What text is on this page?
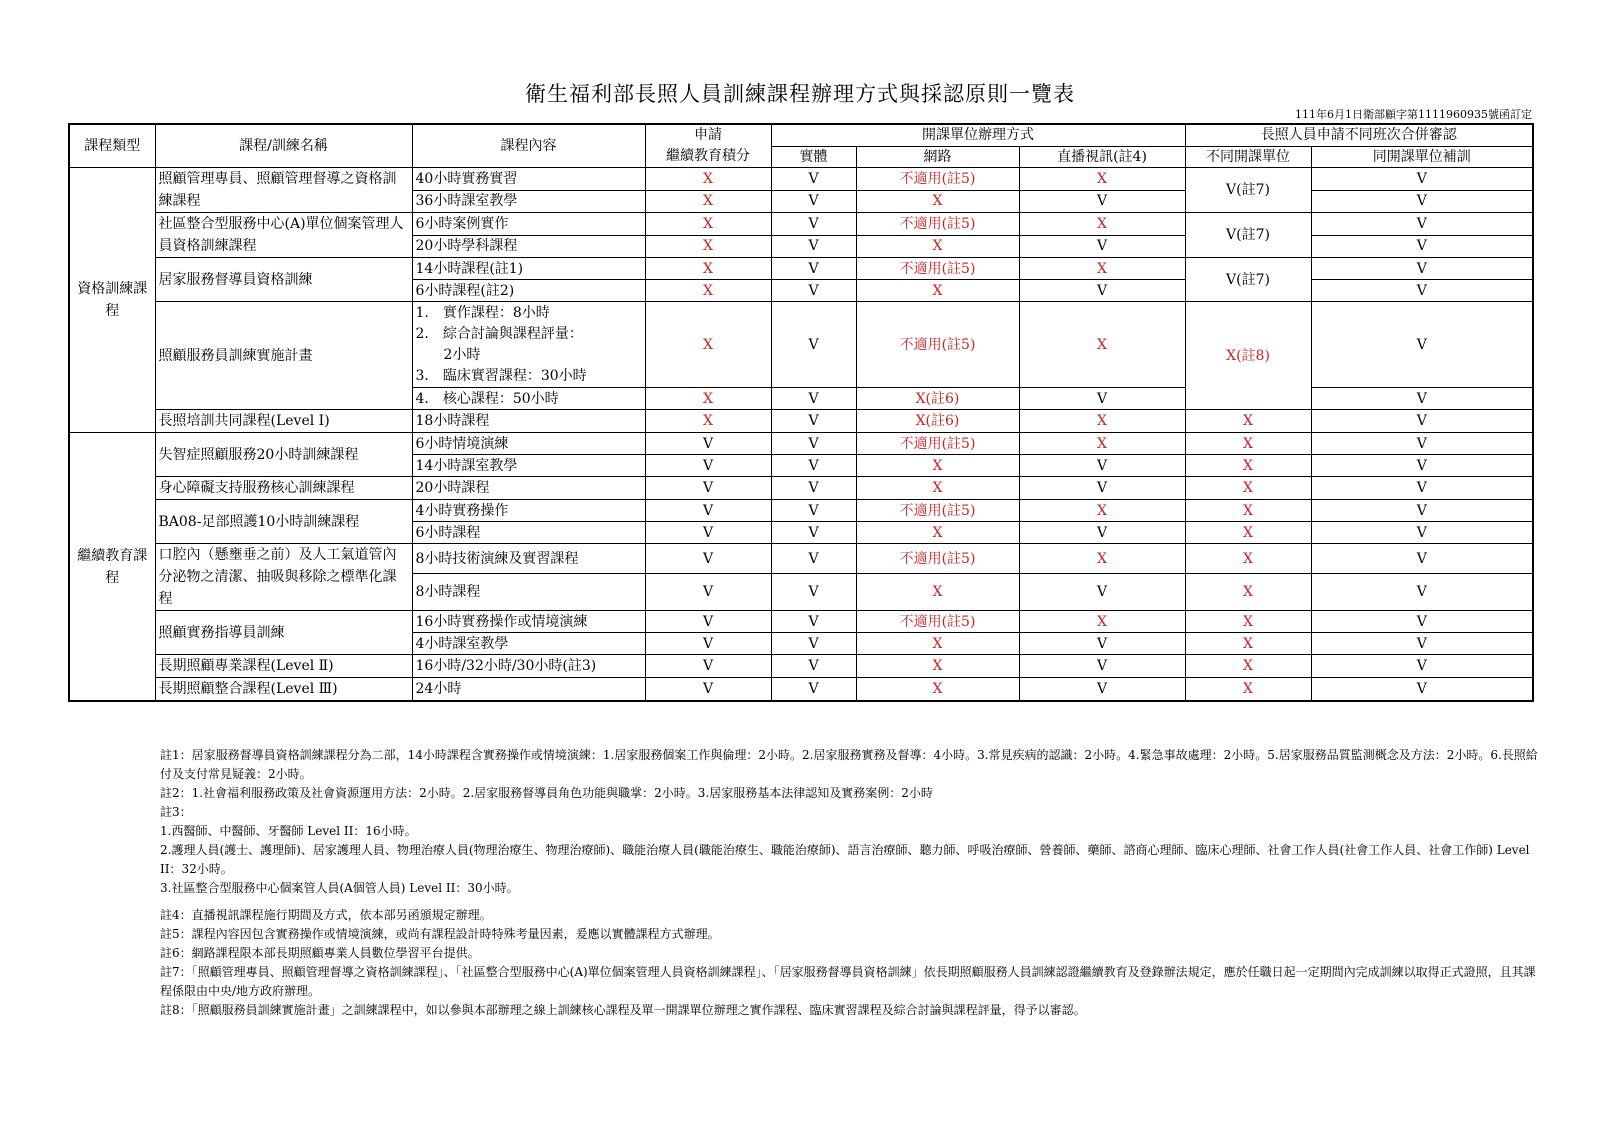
衛生福利部長照人員訓練課程辦理方式與採認原則一覽表
111年6月1日衛部顧字第1111960935號函訂定
課程類型	課程/訓練名稱	課程內容	申請
繼續教育積分	開課單位辦理方式			長照人員申請不同班次合併審認	
				實體	網路	直播視訊(註4)	不同開課單位	同開課單位補訓

資格訓練課程	照顧管理專員、照顧管理督導之資格訓練課程	40小時實務實習	X	V	不適用(註5)	X	V(註7)	V
		36小時課室教學	X	V	X	V		V
	社區整合型服務中心(A)單位個案管理人員資格訓練課程	6小時案例實作	X	V	不適用(註5)	X	V(註7)	V
		20小時學科課程	X	V	X	V		V
	居家服務督導員資格訓練	14小時課程(註1)	X	V	不適用(註5)	X	V(註7)	V
		6小時課程(註2)	X	V	X	V		V
	照顧服務員訓練實施計畫	1.　實作課程：8小時
2.　綜合討論與課程評量：
　　2小時
3.　臨床實習課程：30小時	X	V	不適用(註5)	X	X(註8)	V
		4.　核心課程：50小時	X	V	X(註6)	V		V
	長照培訓共同課程(Level Ⅰ)	18小時課程	X	V	X(註6)	X	X	V

繼續教育課程	失智症照顧服務20小時訓練課程	6小時情境演練	V	V	不適用(註5)	X	X	V
		14小時課室教學	V	V	X	V	X	V
	身心障礙支持服務核心訓練課程	20小時課程	V	V	X	V	X	V
	BA08-足部照護10小時訓練課程	4小時實務操作	V	V	不適用(註5)	X	X	V
		6小時課程	V	V	X	V	X	V
	口腔內（懸壅垂之前）及人工氣道管內分泌物之清潔、抽吸與移除之標準化課程	8小時技術演練及實習課程	V	V	不適用(註5)	X	X	V
		8小時課程	V	V	X	V	X	V
	照顧實務指導員訓練	16小時實務操作或情境演練	V	V	不適用(註5)	X	X	V
		4小時課室教學	V	V	X	V	X	V
	長期照顧專業課程(Level Ⅱ)	16小時/32小時/30小時(註3)	V	V	X	V	X	V
	長期照顧整合課程(Level Ⅲ)	24小時	V	V	X	V	X	V
註1：居家服務督導員資格訓練課程分為二部，14小時課程含實務操作或情境演練：1.居家服務個案工作與倫理：2小時。2.居家服務實務及督導：4小時。3.常見疾病的認識：2小時。4.緊急事故處理：2小時。5.居家服務品質監測概念及方法：2小時。6.長照給付及支付常見疑義：2小時。
註2：1.社會福利服務政策及社會資源運用方法：2小時。2.居家服務督導員角色功能與職掌：2小時。3.居家服務基本法律認知及實務案例：2小時
註3：
1.西醫師、中醫師、牙醫師 Level II：16小時。
2.護理人員(護士、護理師)、居家護理人員、物理治療人員(物理治療生、物理治療師)、職能治療人員(職能治療生、職能治療師)、語言治療師、聽力師、呼吸治療師、營養師、藥師、諮商心理師、臨床心理師、社會工作人員(社會工作人員、社會工作師) Level II：32小時。
3.社區整合型服務中心個案管人員(A個管人員) Level II：30小時。
註4：直播視訊課程施行期間及方式，依本部另函頒規定辦理。
註5：課程內容因包含實務操作或情境演練，或尚有課程設計時特殊考量因素，爰應以實體課程方式辦理。
註6：網路課程限本部長期照顧專業人員數位學習平台提供。
註7：「照顧管理專員、照顧管理督導之資格訓練課程」、「社區整合型服務中心(A)單位個案管理人員資格訓練課程」、「居家服務督導員資格訓練」依長期照顧服務人員訓練認證繼續教育及登錄辦法規定，應於任職日起一定期間內完成訓練以取得正式證照，且其課程係限由中央/地方政府辦理。
註8：「照顧服務員訓練實施計畫」之訓練課程中，如以參與本部辦理之線上訓練核心課程及單一開課單位辦理之實作課程、臨床實習課程及綜合討論與課程評量，得予以審認。
